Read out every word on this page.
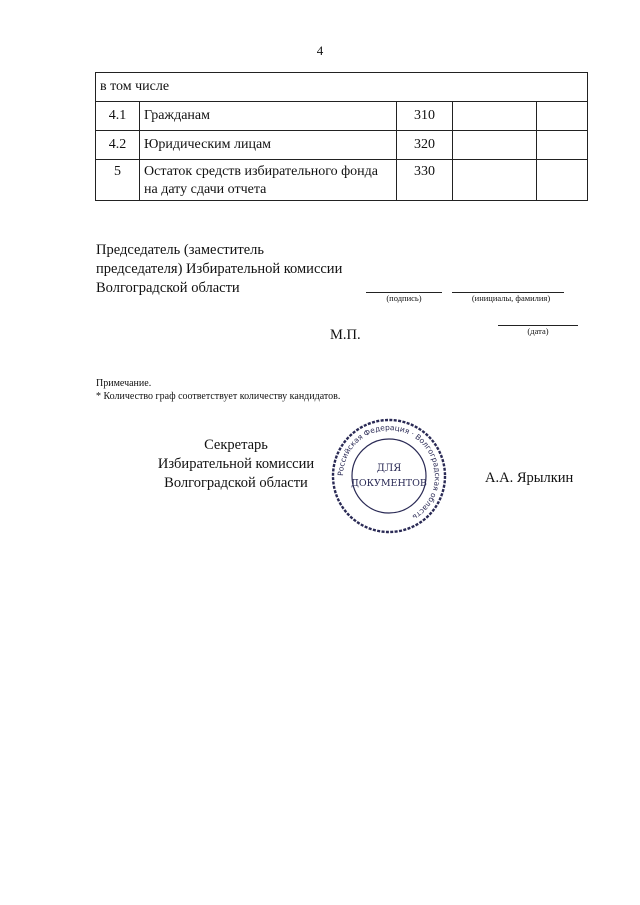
4
в том числе				
4.1	Гражданам	310		
4.2	Юридическим лицам	320		
5	Остаток средств избирательного фонда на дату сдачи отчета	330		
Председатель (заместитель
председателя) Избирательной комиссии
Волгоградской области
(подпись)	(инициалы, фамилия)
(дата)
М.П.
Примечание.
* Количество граф соответствует количеству кандидатов.
Секретарь
Избирательной комиссии
Волгоградской области
Российская Федерация · Волгоградская область
ДЛЯ
ДОКУМЕНТОВ	А.А. Ярылкин
